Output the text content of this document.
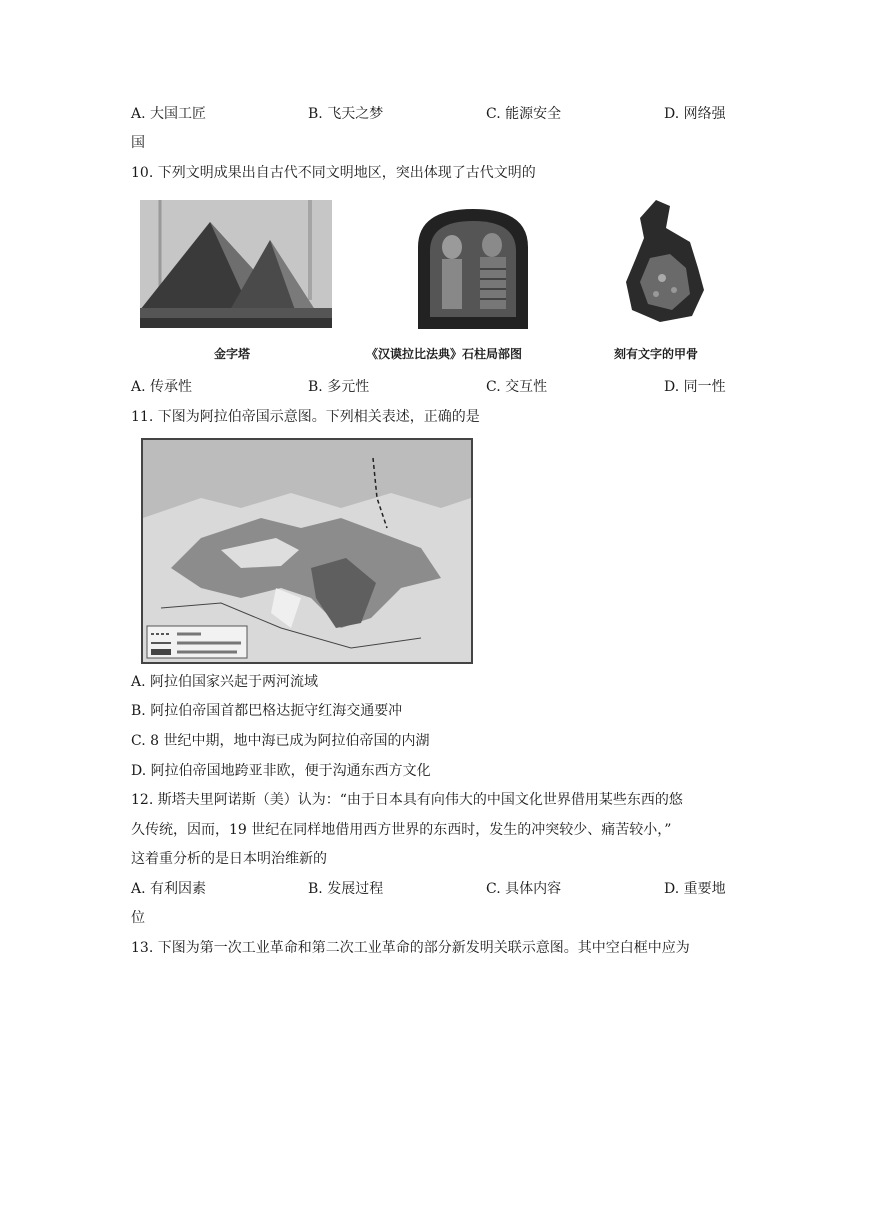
A. 大国工匠	B. 飞天之梦	C. 能源安全	D. 网络强
国
10. 下列文明成果出自古代不同文明地区，突出体现了古代文明的
金字塔	《汉谟拉比法典》石柱局部图	刻有文字的甲骨
A. 传承性	B. 多元性	C. 交互性	D. 同一性
11. 下图为阿拉伯帝国示意图。下列相关表述，正确的是
A. 阿拉伯国家兴起于两河流域
B. 阿拉伯帝国首都巴格达扼守红海交通要冲
C. 8 世纪中期，地中海已成为阿拉伯帝国的内湖
D. 阿拉伯帝国地跨亚非欧，便于沟通东西方文化
12. 斯塔夫里阿诺斯（美）认为：“由于日本具有向伟大的中国文化世界借用某些东西的悠
久传统，因而，19 世纪在同样地借用西方世界的东西时，发生的冲突较少、痛苦较小，”
这着重分析的是日本明治维新的
A. 有利因素	B. 发展过程	C. 具体内容	D. 重要地
位
13. 下图为第一次工业革命和第二次工业革命的部分新发明关联示意图。其中空白框中应为
